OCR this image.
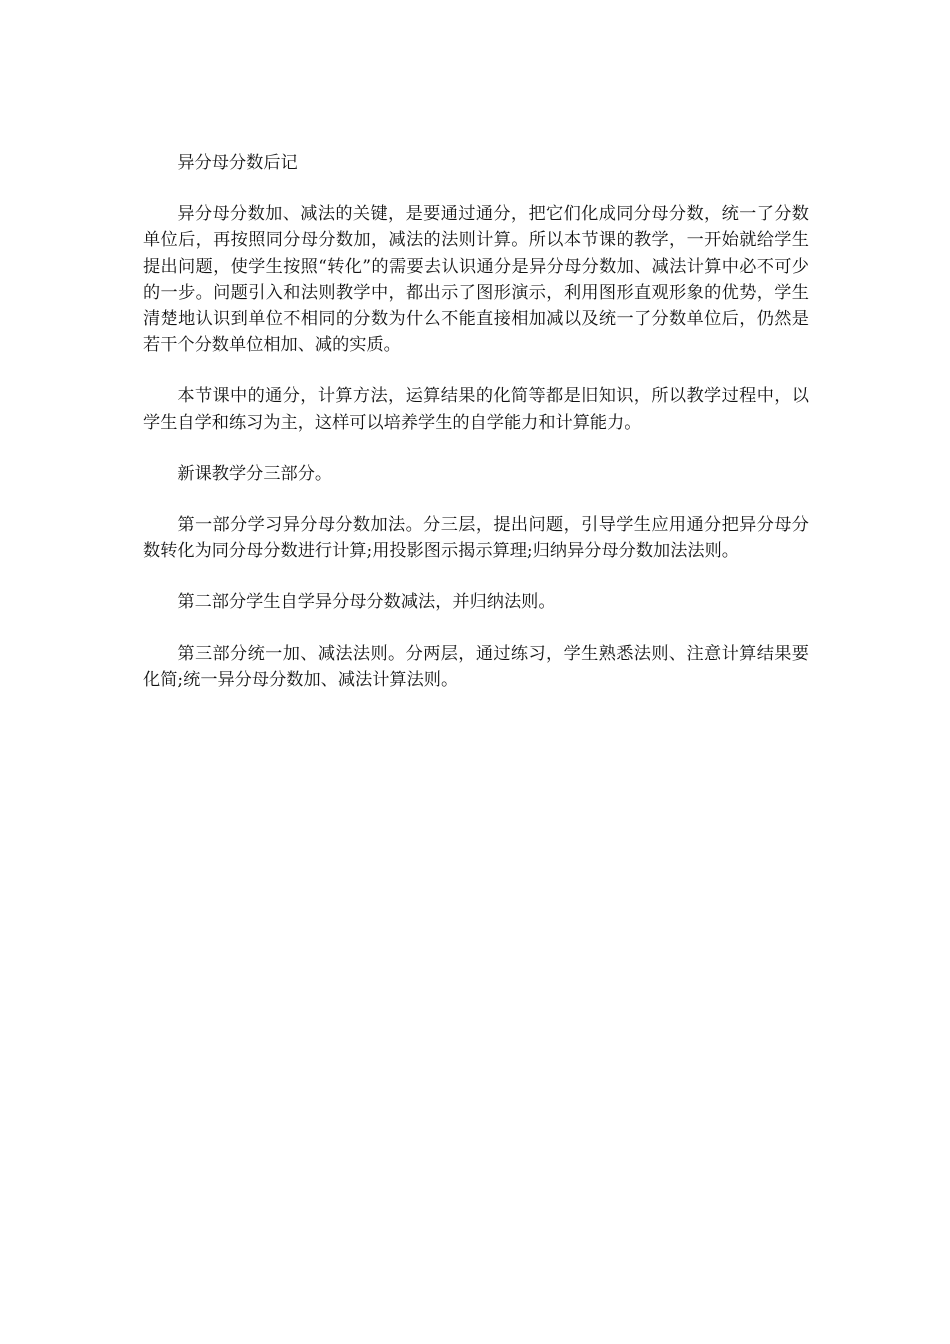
异分母分数后记

异分母分数加、减法的关键，是要通过通分，把它们化成同分母分数，统一了分数单位后，再按照同分母分数加，减法的法则计算。所以本节课的教学，一开始就给学生提出问题，使学生按照“转化”的需要去认识通分是异分母分数加、减法计算中必不可少的一步。问题引入和法则教学中，都出示了图形演示，利用图形直观形象的优势，学生清楚地认识到单位不相同的分数为什么不能直接相加减以及统一了分数单位后，仍然是若干个分数单位相加、减的实质。

本节课中的通分，计算方法，运算结果的化简等都是旧知识，所以教学过程中，以学生自学和练习为主，这样可以培养学生的自学能力和计算能力。

新课教学分三部分。

第一部分学习异分母分数加法。分三层，提出问题，引导学生应用通分把异分母分数转化为同分母分数进行计算;用投影图示揭示算理;归纳异分母分数加法法则。

第二部分学生自学异分母分数减法，并归纳法则。

第三部分统一加、减法法则。分两层，通过练习，学生熟悉法则、注意计算结果要化简;统一异分母分数加、减法计算法则。
